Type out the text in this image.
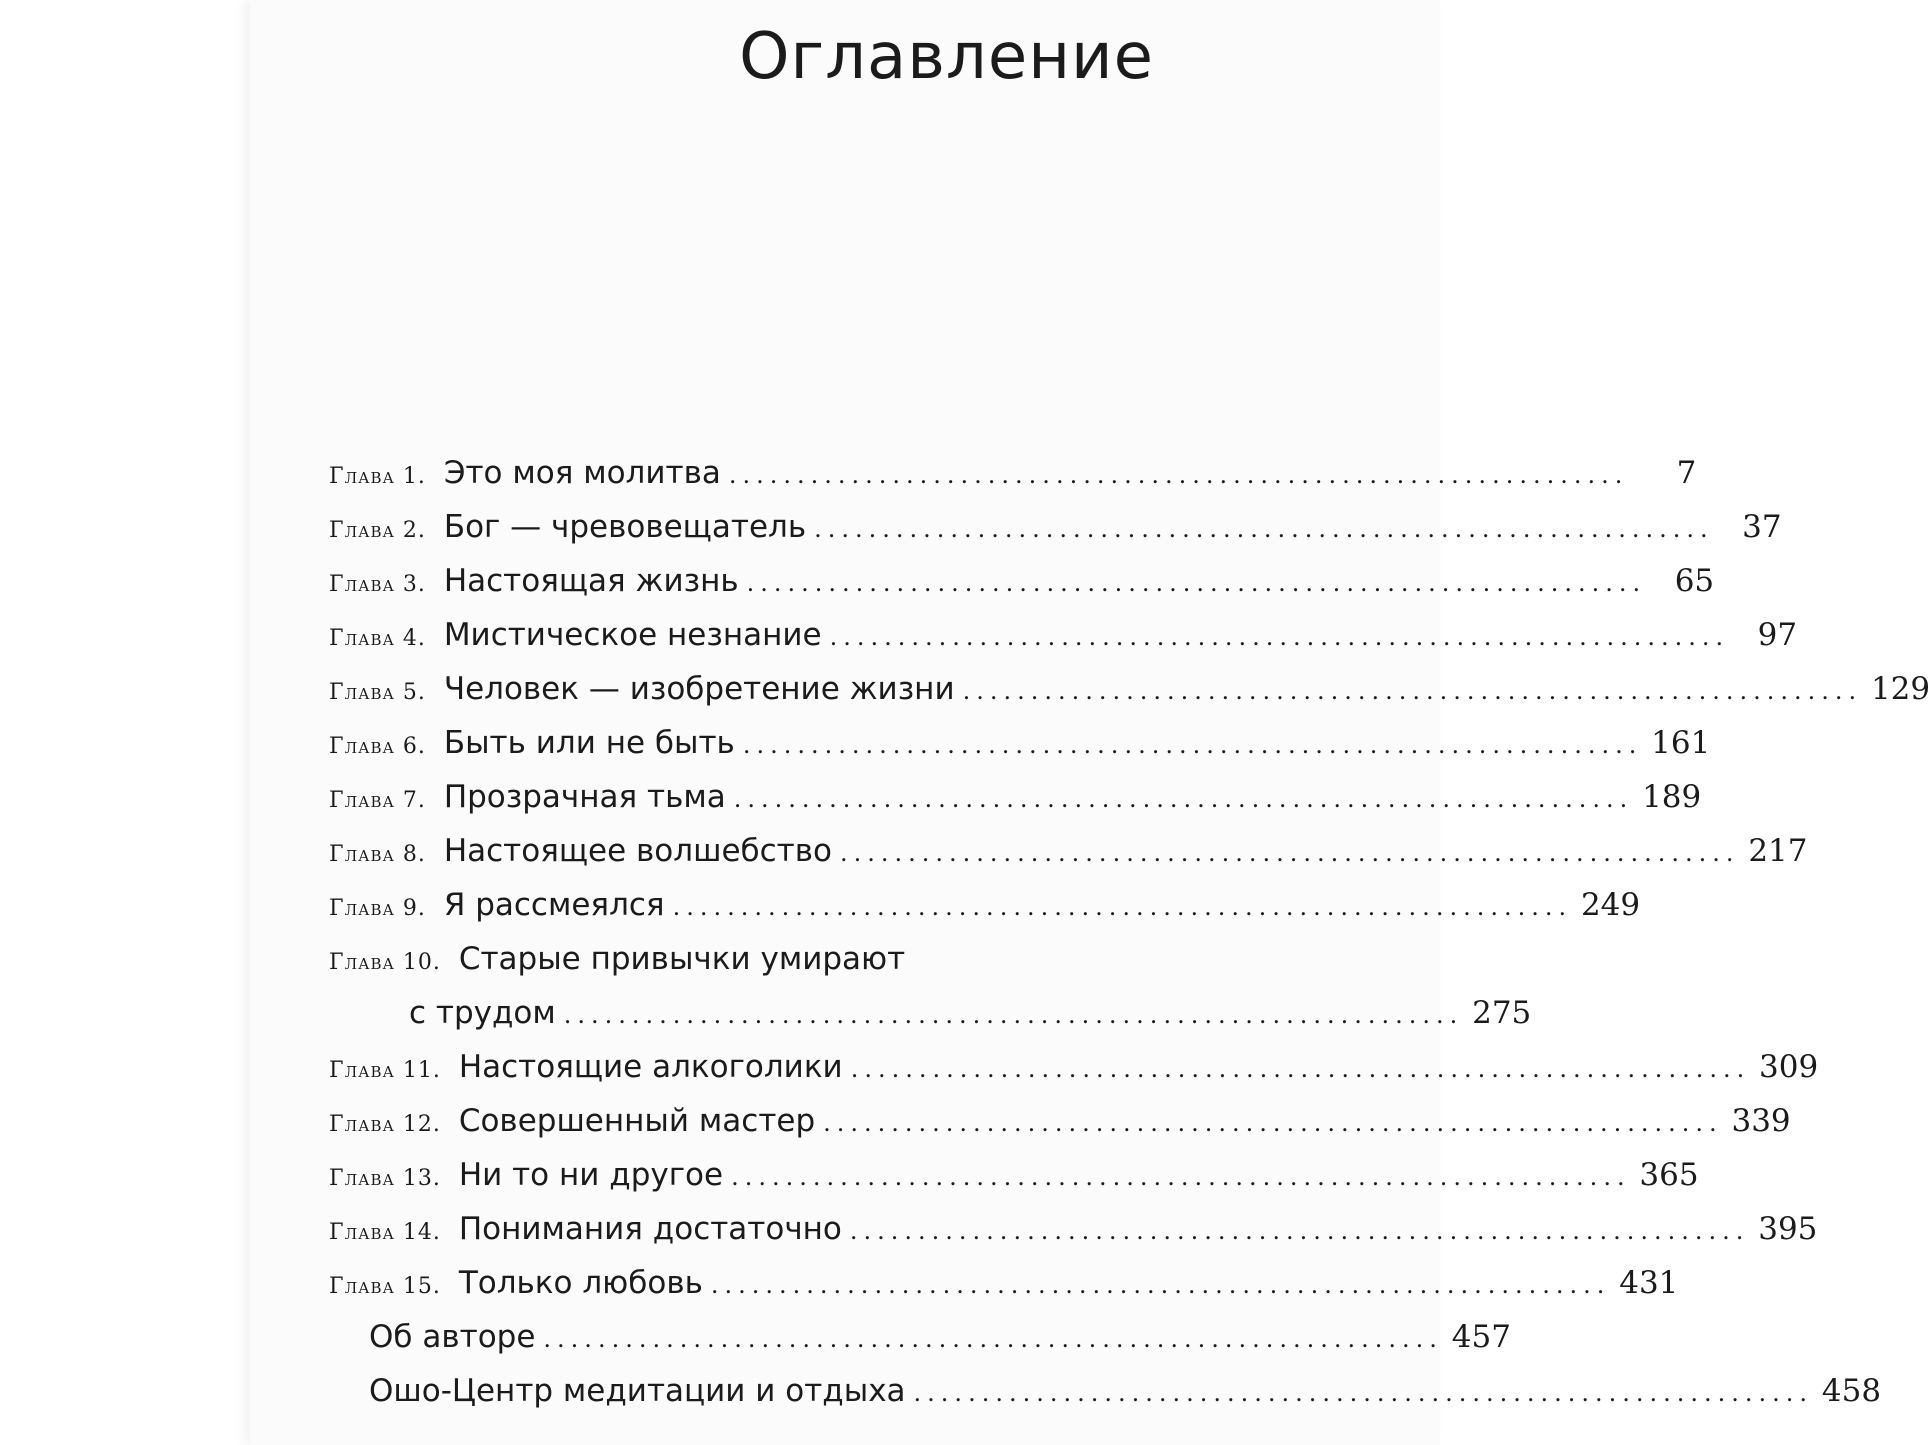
Оглавление
Глава 1. Это моя молитва ..................................................................	7
Глава 2. Бог — чревовещатель .................................................................. 37
Глава 3. Настоящая жизнь .................................................................. 65
Глава 4. Мистическое незнание .................................................................. 97
Глава 5. Человек — изобретение жизни .................................................................. 129
Глава 6. Быть или не быть .................................................................. 161
Глава 7. Прозрачная тьма .................................................................. 189
Глава 8. Настоящее волшебство .................................................................. 217
Глава 9. Я рассмеялся .................................................................. 249
Глава 10. Старые привычки умирают
с трудом .................................................................. 275
Глава 11. Настоящие алкоголики .................................................................. 309
Глава 12. Совершенный мастер .................................................................. 339
Глава 13. Ни то ни другое .................................................................. 365
Глава 14. Понимания достаточно .................................................................. 395
Глава 15. Только любовь .................................................................. 431
Об авторе .................................................................. 457
Ошо-Центр медитации и отдыха .................................................................. 458
